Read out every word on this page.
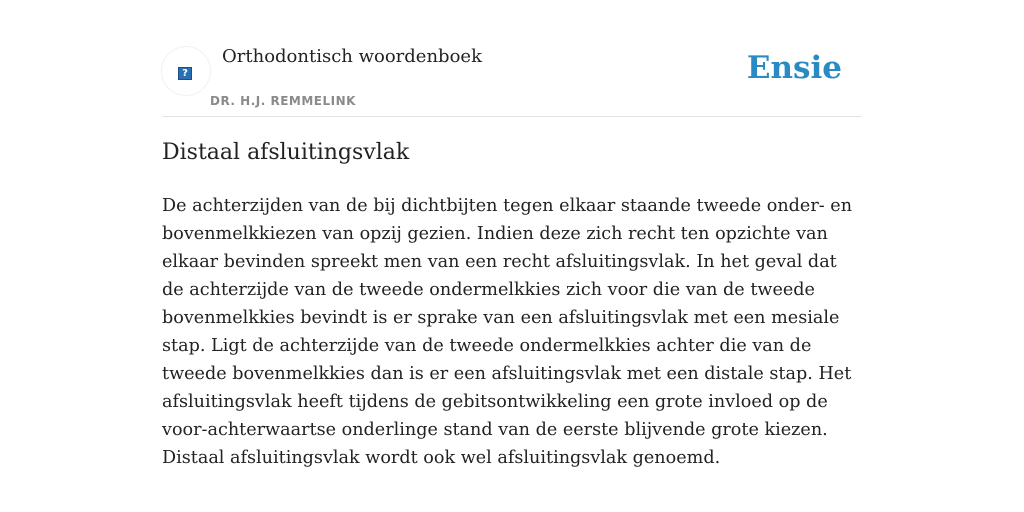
?
Orthodontisch woordenboek
DR. H.J. REMMELINK
Ensie
Distaal afsluitingsvlak

De achterzijden van de bij dichtbijten tegen elkaar staande tweede onder- en bovenmelkkiezen van opzij gezien. Indien deze zich recht ten opzichte van elkaar bevinden spreekt men van een recht afsluitingsvlak. In het geval dat de achterzijde van de tweede ondermelkkies zich voor die van de tweede bovenmelkkies bevindt is er sprake van een afsluitingsvlak met een mesiale stap. Ligt de achterzijde van de tweede ondermelkkies achter die van de tweede bovenmelkkies dan is er een afsluitingsvlak met een distale stap. Het afsluitingsvlak heeft tijdens de gebitsontwikkeling een grote invloed op de voor-achterwaartse onderlinge stand van de eerste blijvende grote kiezen. Distaal afsluitingsvlak wordt ook wel afsluitingsvlak genoemd.
